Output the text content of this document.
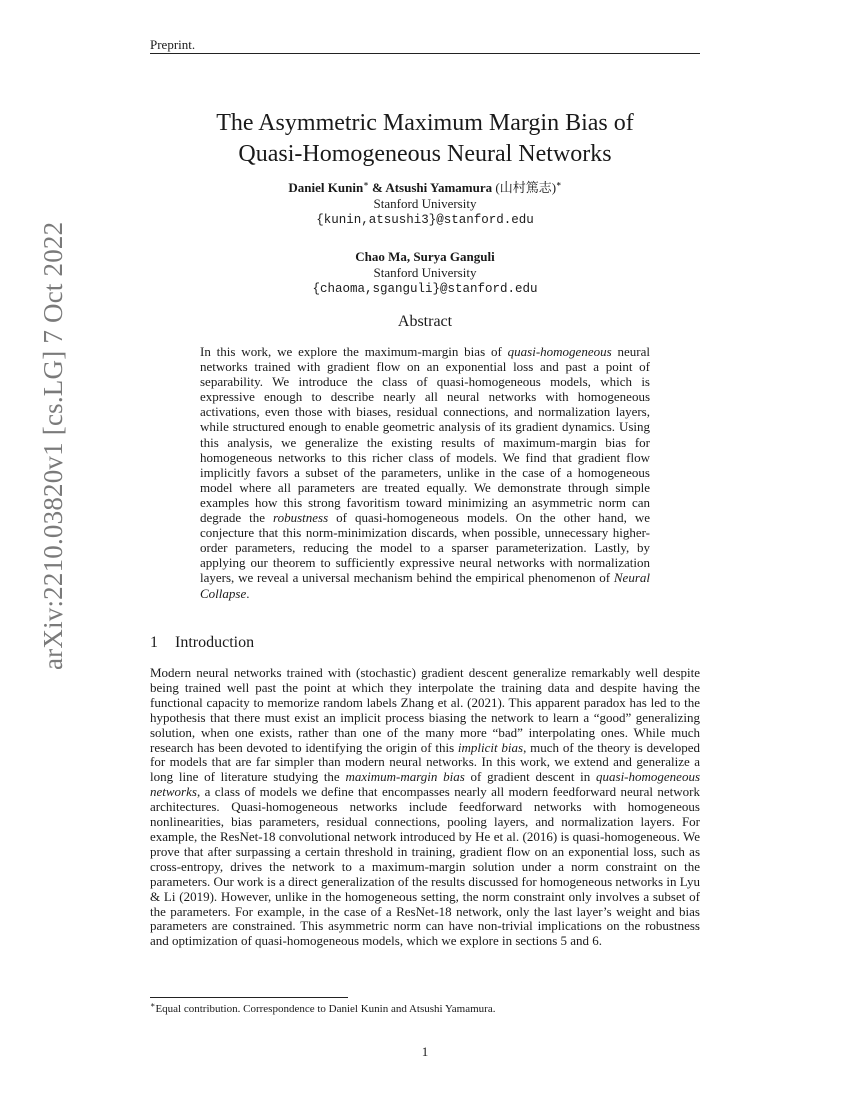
Preprint.
arXiv:2210.03820v1 [cs.LG] 7 Oct 2022
The Asymmetric Maximum Margin Bias of
Quasi-Homogeneous Neural Networks
Daniel Kunin∗ & Atsushi Yamamura (山村篤志)∗
Stanford University
{kunin,atsushi3}@stanford.edu
Chao Ma, Surya Ganguli
Stanford University
{chaoma,sganguli}@stanford.edu
Abstract
In this work, we explore the maximum-margin bias of quasi-homogeneous neural networks trained with gradient flow on an exponential loss and past a point of separability. We introduce the class of quasi-homogeneous models, which is expressive enough to describe nearly all neural networks with homogeneous activations, even those with biases, residual connections, and normalization layers, while structured enough to enable geometric analysis of its gradient dynamics. Using this analysis, we generalize the existing results of maximum-margin bias for homogeneous networks to this richer class of models. We find that gradient flow implicitly favors a subset of the parameters, unlike in the case of a homogeneous model where all parameters are treated equally. We demonstrate through simple examples how this strong favoritism toward minimizing an asymmetric norm can degrade the robustness of quasi-homogeneous models. On the other hand, we conjecture that this norm-minimization discards, when possible, unnecessary higher-order parameters, reducing the model to a sparser parameterization. Lastly, by applying our theorem to sufficiently expressive neural networks with normalization layers, we reveal a universal mechanism behind the empirical phenomenon of Neural Collapse.
1 Introduction
Modern neural networks trained with (stochastic) gradient descent generalize remarkably well despite being trained well past the point at which they interpolate the training data and despite having the functional capacity to memorize random labels Zhang et al. (2021). This apparent paradox has led to the hypothesis that there must exist an implicit process biasing the network to learn a “good” generalizing solution, when one exists, rather than one of the many more “bad” interpolating ones. While much research has been devoted to identifying the origin of this implicit bias, much of the theory is developed for models that are far simpler than modern neural networks. In this work, we extend and generalize a long line of literature studying the maximum-margin bias of gradient descent in quasi-homogeneous networks, a class of models we define that encompasses nearly all modern feedforward neural network architectures. Quasi-homogeneous networks include feedforward networks with homogeneous nonlinearities, bias parameters, residual connections, pooling layers, and normalization layers. For example, the ResNet-18 convolutional network introduced by He et al. (2016) is quasi-homogeneous. We prove that after surpassing a certain threshold in training, gradient flow on an exponential loss, such as cross-entropy, drives the network to a maximum-margin solution under a norm constraint on the parameters. Our work is a direct generalization of the results discussed for homogeneous networks in Lyu & Li (2019). However, unlike in the homogeneous setting, the norm constraint only involves a subset of the parameters. For example, in the case of a ResNet-18 network, only the last layer’s weight and bias parameters are constrained. This asymmetric norm can have non-trivial implications on the robustness and optimization of quasi-homogeneous models, which we explore in sections 5 and 6.
∗Equal contribution. Correspondence to Daniel Kunin and Atsushi Yamamura.
1
